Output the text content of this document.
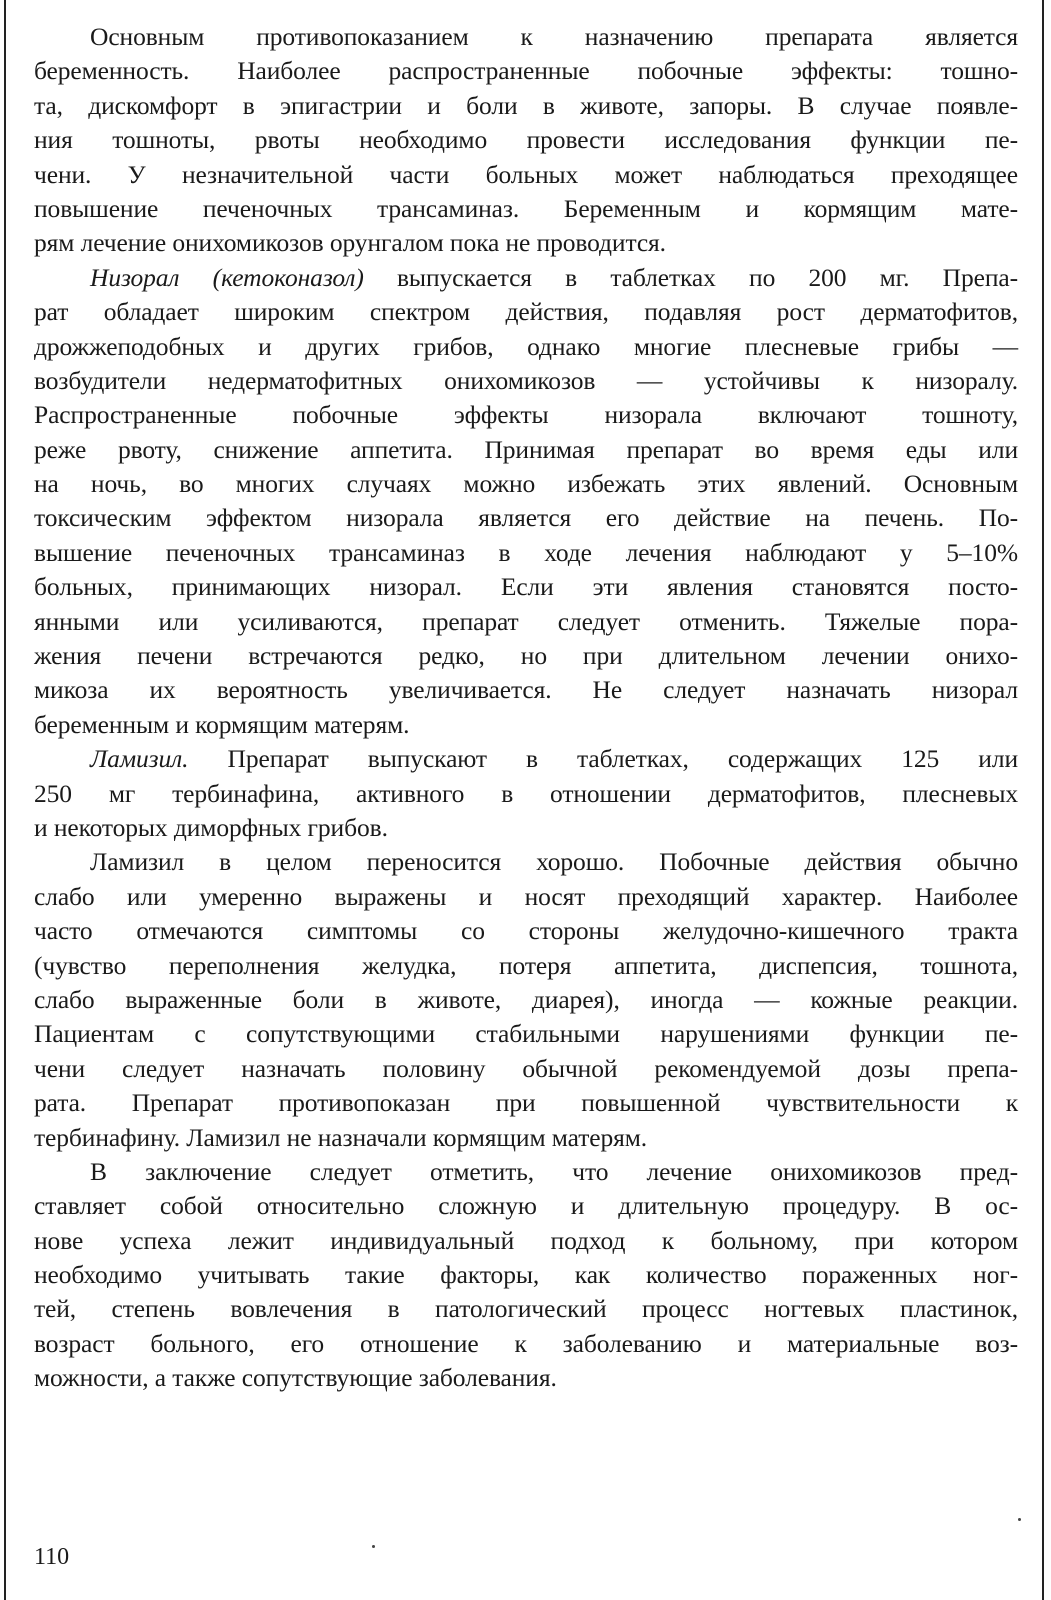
Основным противопоказанием к назначению препарата является
беременность. Наиболее распространенные побочные эффекты: тошно-
та, дискомфорт в эпигастрии и боли в животе, запоры. В случае появле-
ния тошноты, рвоты необходимо провести исследования функции пе-
чени. У незначительной части больных может наблюдаться преходящее
повышение печеночных трансаминаз. Беременным и кормящим мате-
рям лечение онихомикозов орунгалом пока не проводится.
Низорал (кетоконазол) выпускается в таблетках по 200 мг. Препа-
рат обладает широким спектром действия, подавляя рост дерматофитов,
дрожжеподобных и других грибов, однако многие плесневые грибы —
возбудители недерматофитных онихомикозов — устойчивы к низоралу.
Распространенные побочные эффекты низорала включают тошноту,
реже рвоту, снижение аппетита. Принимая препарат во время еды или
на ночь, во многих случаях можно избежать этих явлений. Основным
токсическим эффектом низорала является его действие на печень. По-
вышение печеночных трансаминаз в ходе лечения наблюдают у 5–10%
больных, принимающих низорал. Если эти явления становятся посто-
янными или усиливаются, препарат следует отменить. Тяжелые пора-
жения печени встречаются редко, но при длительном лечении онихо-
микоза их вероятность увеличивается. Не следует назначать низорал
беременным и кормящим матерям.
Ламизил. Препарат выпускают в таблетках, содержащих 125 или
250 мг тербинафина, активного в отношении дерматофитов, плесневых
и некоторых диморфных грибов.
Ламизил в целом переносится хорошо. Побочные действия обычно
слабо или умеренно выражены и носят преходящий характер. Наиболее
часто отмечаются симптомы со стороны желудочно-кишечного тракта
(чувство переполнения желудка, потеря аппетита, диспепсия, тошнота,
слабо выраженные боли в животе, диарея), иногда — кожные реакции.
Пациентам с сопутствующими стабильными нарушениями функции пе-
чени следует назначать половину обычной рекомендуемой дозы препа-
рата. Препарат противопоказан при повышенной чувствительности к
тербинафину. Ламизил не назначали кормящим матерям.
В заключение следует отметить, что лечение онихомикозов пред-
ставляет собой относительно сложную и длительную процедуру. В ос-
нове успеха лежит индивидуальный подход к больному, при котором
необходимо учитывать такие факторы, как количество пораженных ног-
тей, степень вовлечения в патологический процесс ногтевых пластинок,
возраст больного, его отношение к заболеванию и материальные воз-
можности, а также сопутствующие заболевания.
110
